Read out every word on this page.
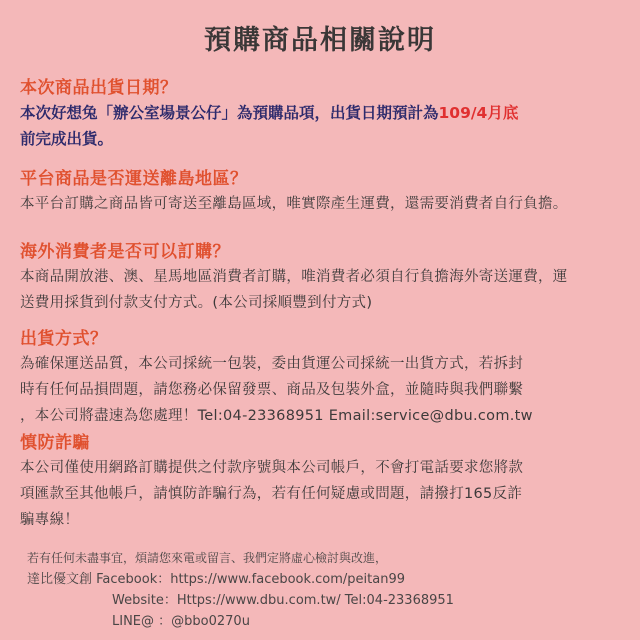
預購商品相關說明
本次商品出貨日期？
本次好想兔「辦公室場景公仔」為預購品項，出貨日期預計為109/4月底
前完成出貨。
平台商品是否運送離島地區？
本平台訂購之商品皆可寄送至離島區域，唯實際產生運費，還需要消費者自行負擔。
海外消費者是否可以訂購？
本商品開放港、澳、星馬地區消費者訂購，唯消費者必須自行負擔海外寄送運費，運
送費用採貨到付款支付方式。(本公司採順豐到付方式)
出貨方式？
為確保運送品質，本公司採統一包裝，委由貨運公司採統一出貨方式，若拆封
時有任何品損問題，請您務必保留發票、商品及包裝外盒，並隨時與我們聯繫
，本公司將盡速為您處理！Tel:04-23368951 Email:service@dbu.com.tw
慎防詐騙
本公司僅使用網路訂購提供之付款序號與本公司帳戶，不會打電話要求您將款
項匯款至其他帳戶，請慎防詐騙行為，若有任何疑慮或問題，請撥打165反詐
騙專線！
若有任何未盡事宜，煩請您來電或留言、我們定將虛心檢討與改進，
達比優文創 Facebook：https://www.facebook.com/peitan99
Website：Https://www.dbu.com.tw/ Tel:04-23368951
LINE@ ：@bbo0270u
